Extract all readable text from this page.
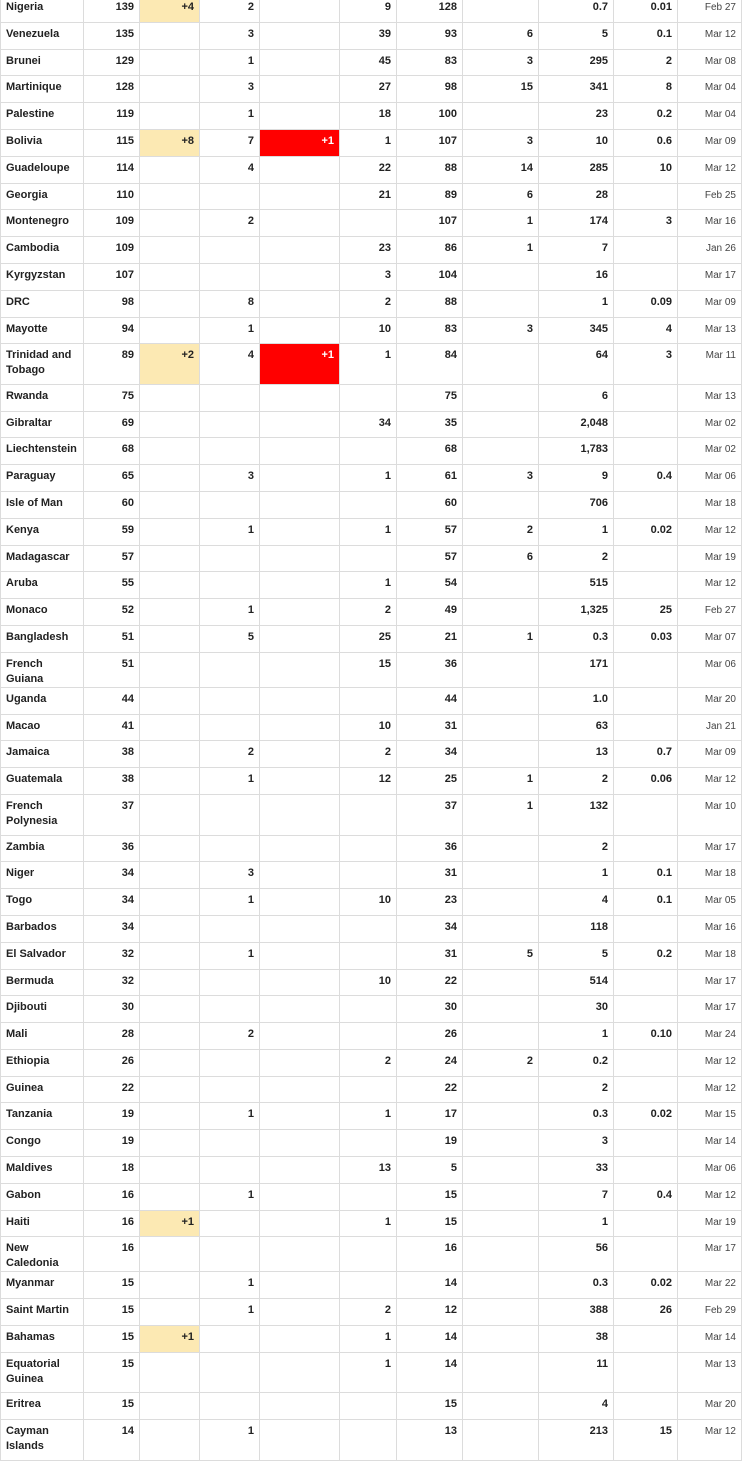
Nigeria	139	+4	2		9	128		0.7	0.01	Feb 27
Venezuela	135		3		39	93	6	5	0.1	Mar 12
Brunei	129		1		45	83	3	295	2	Mar 08
Martinique	128		3		27	98	15	341	8	Mar 04
Palestine	119		1		18	100		23	0.2	Mar 04
Bolivia	115	+8	7	+1	1	107	3	10	0.6	Mar 09
Guadeloupe	114		4		22	88	14	285	10	Mar 12
Georgia	110				21	89	6	28		Feb 25
Montenegro	109		2			107	1	174	3	Mar 16
Cambodia	109				23	86	1	7		Jan 26
Kyrgyzstan	107				3	104		16		Mar 17
DRC	98		8		2	88		1	0.09	Mar 09
Mayotte	94		1		10	83	3	345	4	Mar 13
Trinidad and Tobago	89	+2	4	+1	1	84		64	3	Mar 11
Rwanda	75					75		6		Mar 13
Gibraltar	69				34	35		2,048		Mar 02
Liechtenstein	68					68		1,783		Mar 02
Paraguay	65		3		1	61	3	9	0.4	Mar 06
Isle of Man	60					60		706		Mar 18
Kenya	59		1		1	57	2	1	0.02	Mar 12
Madagascar	57					57	6	2		Mar 19
Aruba	55				1	54		515		Mar 12
Monaco	52		1		2	49		1,325	25	Feb 27
Bangladesh	51		5		25	21	1	0.3	0.03	Mar 07
French Guiana	51				15	36		171		Mar 06
Uganda	44					44		1.0		Mar 20
Macao	41				10	31		63		Jan 21
Jamaica	38		2		2	34		13	0.7	Mar 09
Guatemala	38		1		12	25	1	2	0.06	Mar 12
French Polynesia	37					37	1	132		Mar 10
Zambia	36					36		2		Mar 17
Niger	34		3			31		1	0.1	Mar 18
Togo	34		1		10	23		4	0.1	Mar 05
Barbados	34					34		118		Mar 16
El Salvador	32		1			31	5	5	0.2	Mar 18
Bermuda	32				10	22		514		Mar 17
Djibouti	30					30		30		Mar 17
Mali	28		2			26		1	0.10	Mar 24
Ethiopia	26				2	24	2	0.2		Mar 12
Guinea	22					22		2		Mar 12
Tanzania	19		1		1	17		0.3	0.02	Mar 15
Congo	19					19		3		Mar 14
Maldives	18				13	5		33		Mar 06
Gabon	16		1			15		7	0.4	Mar 12
Haiti	16	+1			1	15		1		Mar 19
New Caledonia	16					16		56		Mar 17
Myanmar	15		1			14		0.3	0.02	Mar 22
Saint Martin	15		1		2	12		388	26	Feb 29
Bahamas	15	+1			1	14		38		Mar 14
Equatorial Guinea	15				1	14		11		Mar 13
Eritrea	15					15		4		Mar 20
Cayman Islands	14		1			13		213	15	Mar 12
